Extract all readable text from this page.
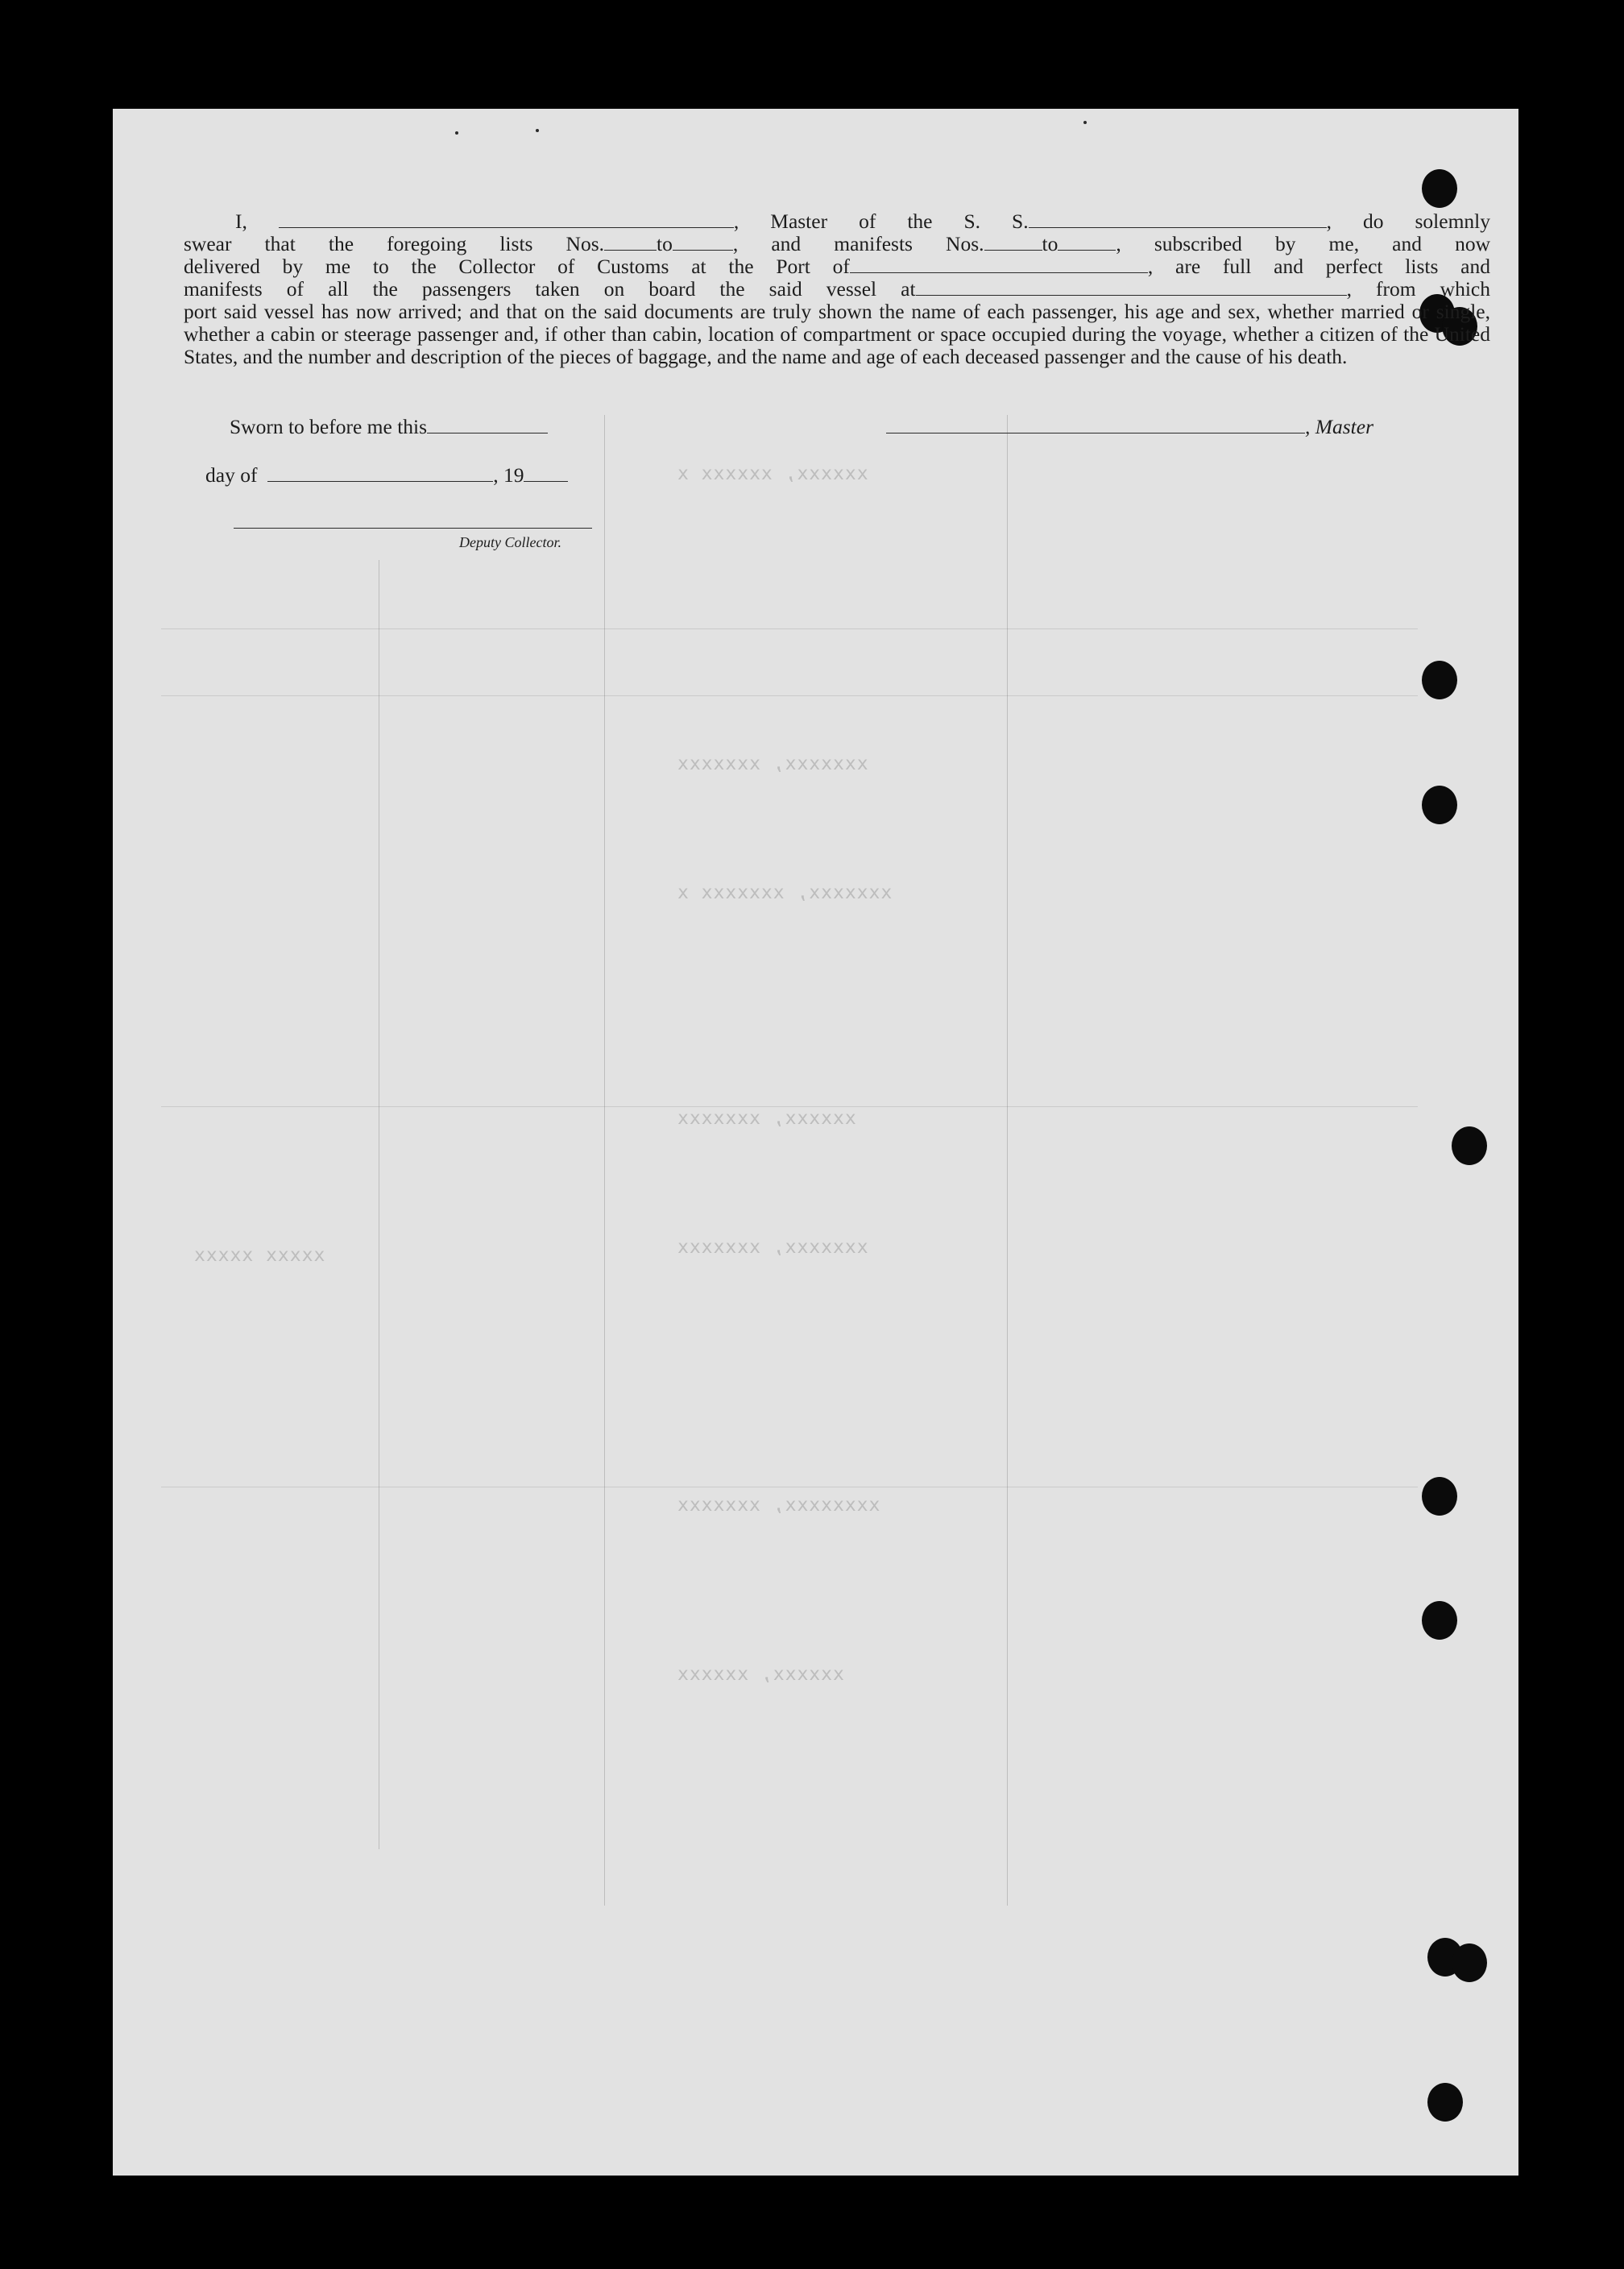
xxxxxx, xxxxxx x
xxxxxxx, xxxxxxx
xxxxxxx, xxxxxxx x
xxxxxx, xxxxxxx
xxxxxxx, xxxxxxx
xxxxxxxx, xxxxxxx
xxxxxx, xxxxxx
xxxxx xxxxx
I,	, Master of the S. S.	, do solemnly
swear that the foregoing lists Nos.	to	, and manifests Nos.	to	, subscribed by me, and now
delivered by me to the Collector of Customs at the Port of	, are full and perfect lists and
manifests of all the passengers taken on board the said vessel at	, from which
port said vessel has now arrived; and that on the said documents are truly shown the name of each passenger, his age and sex, whether married or single, whether a cabin or steerage passenger and, if other than cabin, location of compartment or space occupied during the voyage, whether a citizen of the United States, and the number and description of the pieces of baggage, and the name and age of each deceased passenger and the cause of his death.
Sworn to before me this	, Master
day of	, 19
Deputy Collector.
